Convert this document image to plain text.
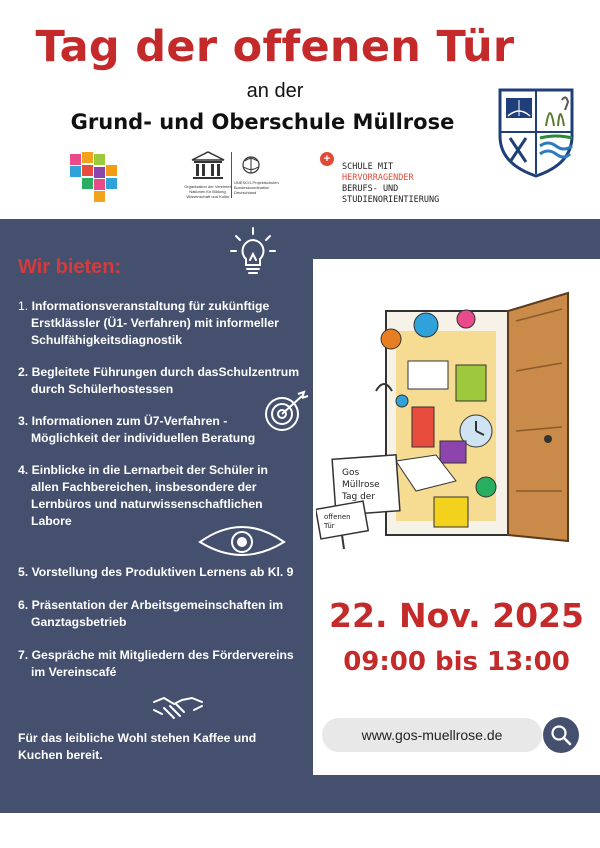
Tag der offenen Tür
an der
Grund- und Oberschule Müllrose
Organisation der Vereinten Nationen für Bildung, Wissenschaft und Kultur
UNESCO-Projektschulen Bundeskoordination Deutschland
+
SCHULE MIT
HERVORRAGENDER
BERUFS- UND
STUDIENORIENTIERUNG
Wir bieten:
1. Informationsveranstaltung für zukünftige
Erstklässler (Ü1- Verfahren) mit informeller
Schulfähigkeitsdiagnostik
2. Begleitete Führungen durch dasSchulzentrum
durch Schülerhostessen
3. Informationen zum Ü7-Verfahren -
Möglichkeit der individuellen Beratung
4. Einblicke in die Lernarbeit der Schüler in
allen Fachbereichen, insbesondere der
Lernbüros und naturwissenschaftlichen
Labore
5. Vorstellung des Produktiven Lernens ab Kl. 9
6. Präsentation der Arbeitsgemeinschaften im
Ganztagsbetrieb
7. Gespräche mit Mitgliedern des Fördervereins
im Vereinscafé
Für das leibliche Wohl stehen Kaffee und
Kuchen bereit.
Gos Müllrose Tag der
offenen Tür
22. Nov. 2025
09:00 bis 13:00
www.gos-muellrose.de
